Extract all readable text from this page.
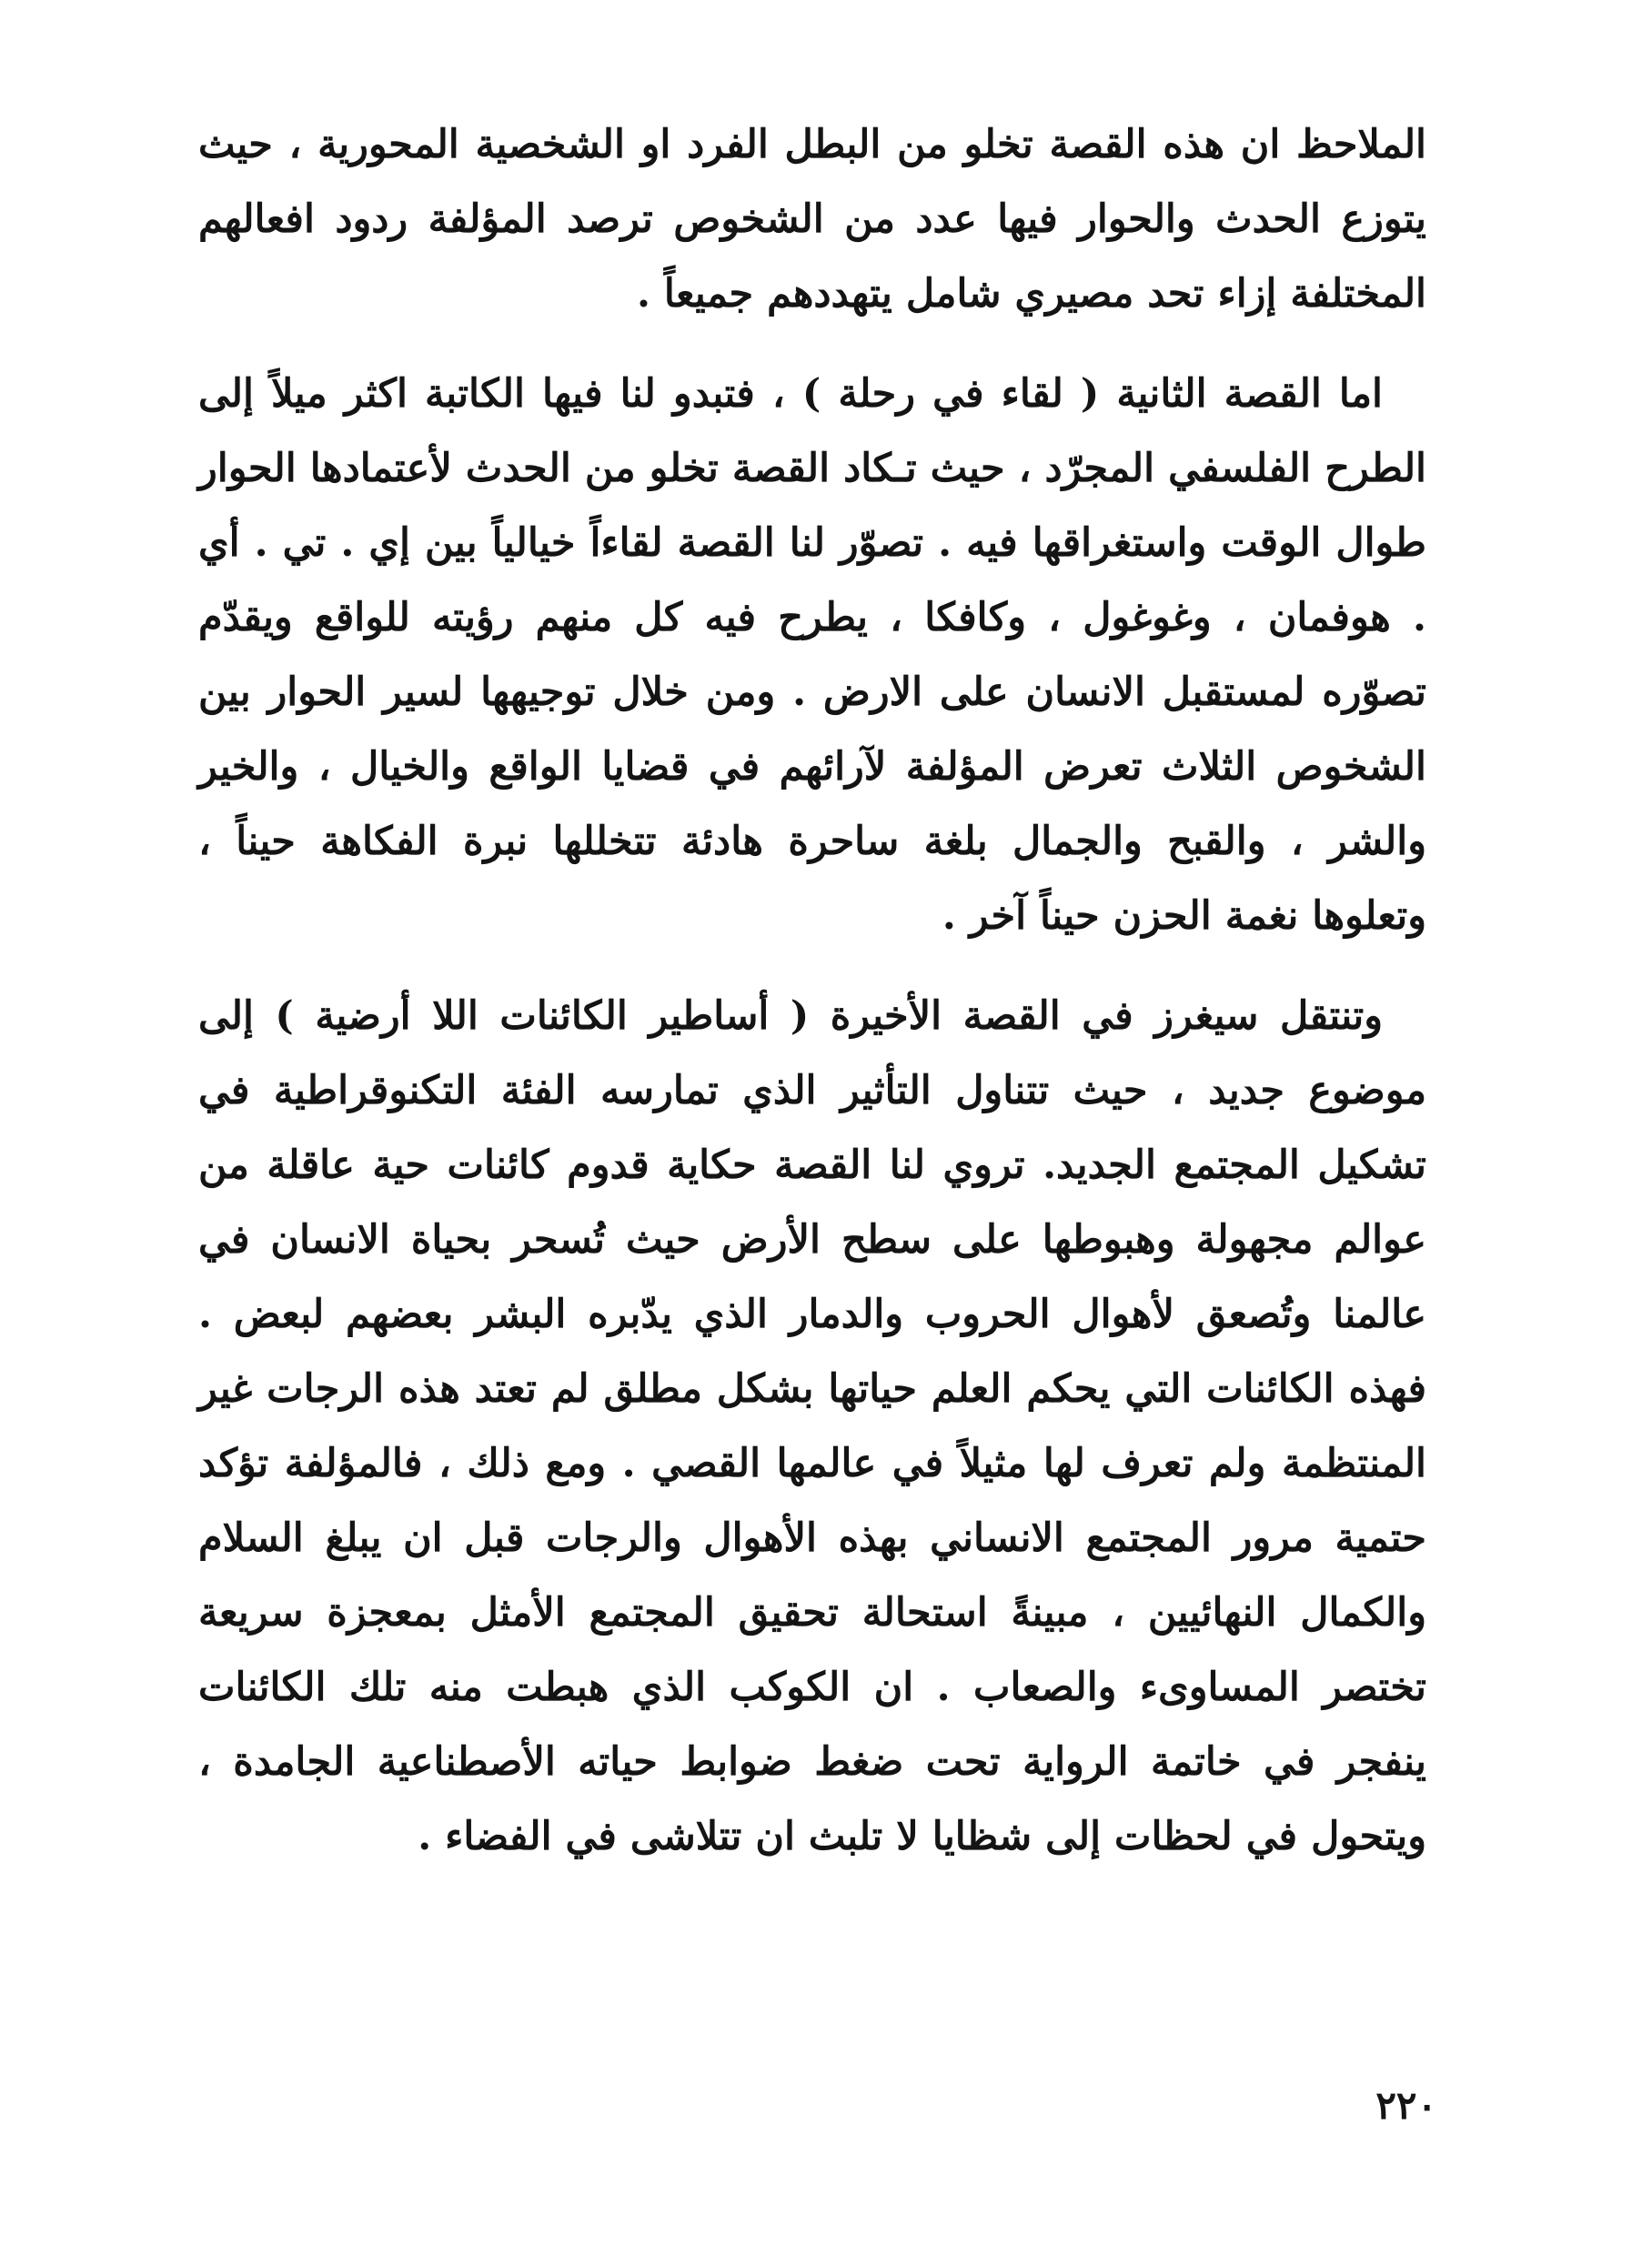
الملاحظ ان هذه القصة تخلو من البطل الفرد او الشخصية المحورية ، حيث يتوزع الحدث والحوار فيها عدد من الشخوص ترصد المؤلفة ردود افعالهم المختلفة إزاء تحد مصيري شامل يتهددهم جميعاً .

اما القصة الثانية ( لقاء في رحلة ) ، فتبدو لنا فيها الكاتبة اكثر ميلاً إلى الطرح الفلسفي المجرّد ، حيث تـكاد القصة تخلو من الحدث لأعتمادها الحوار طوال الوقت واستغراقها فيه . تصوّر لنا القصة لقاءاً خيالياً بين إي . تي . أي . هوفمان ، وغوغول ، وكافكا ، يطرح فيه كل منهم رؤيته للواقع ويقدّم تصوّره لمستقبل الانسان على الارض . ومن خلال توجيهها لسير الحوار بين الشخوص الثلاث تعرض المؤلفة لآرائهم في قضايا الواقع والخيال ، والخير والشر ، والقبح والجمال بلغة ساحرة هادئة تتخللها نبرة الفكاهة حيناً ، وتعلوها نغمة الحزن حيناً آخر .

وتنتقل سيغرز في القصة الأخيرة ( أساطير الكائنات اللا أرضية ) إلى موضوع جديد ، حيث تتناول التأثير الذي تمارسه الفئة التكنوقراطية في تشكيل المجتمع الجديد. تروي لنا القصة حكاية قدوم كائنات حية عاقلة من عوالم مجهولة وهبوطها على سطح الأرض حيث تُسحر بحياة الانسان في عالمنا وتُصعق لأهوال الحروب والدمار الذي يدّبره البشر بعضهم لبعض . فهذه الكائنات التي يحكم العلم حياتها بشكل مطلق لم تعتد هذه الرجات غير المنتظمة ولم تعرف لها مثيلاً في عالمها القصي . ومع ذلك ، فالمؤلفة تؤكد حتمية مرور المجتمع الانساني بهذه الأهوال والرجات قبل ان يبلغ السلام والكمال النهائيين ، مبينةً استحالة تحقيق المجتمع الأمثل بمعجزة سريعة تختصر المساوىء والصعاب . ان الكوكب الذي هبطت منه تلك الكائنات ينفجر في خاتمة الرواية تحت ضغط ضوابط حياته الأصطناعية الجامدة ، ويتحول في لحظات إلى شظايا لا تلبث ان تتلاشى في الفضاء .

٢٢٠
